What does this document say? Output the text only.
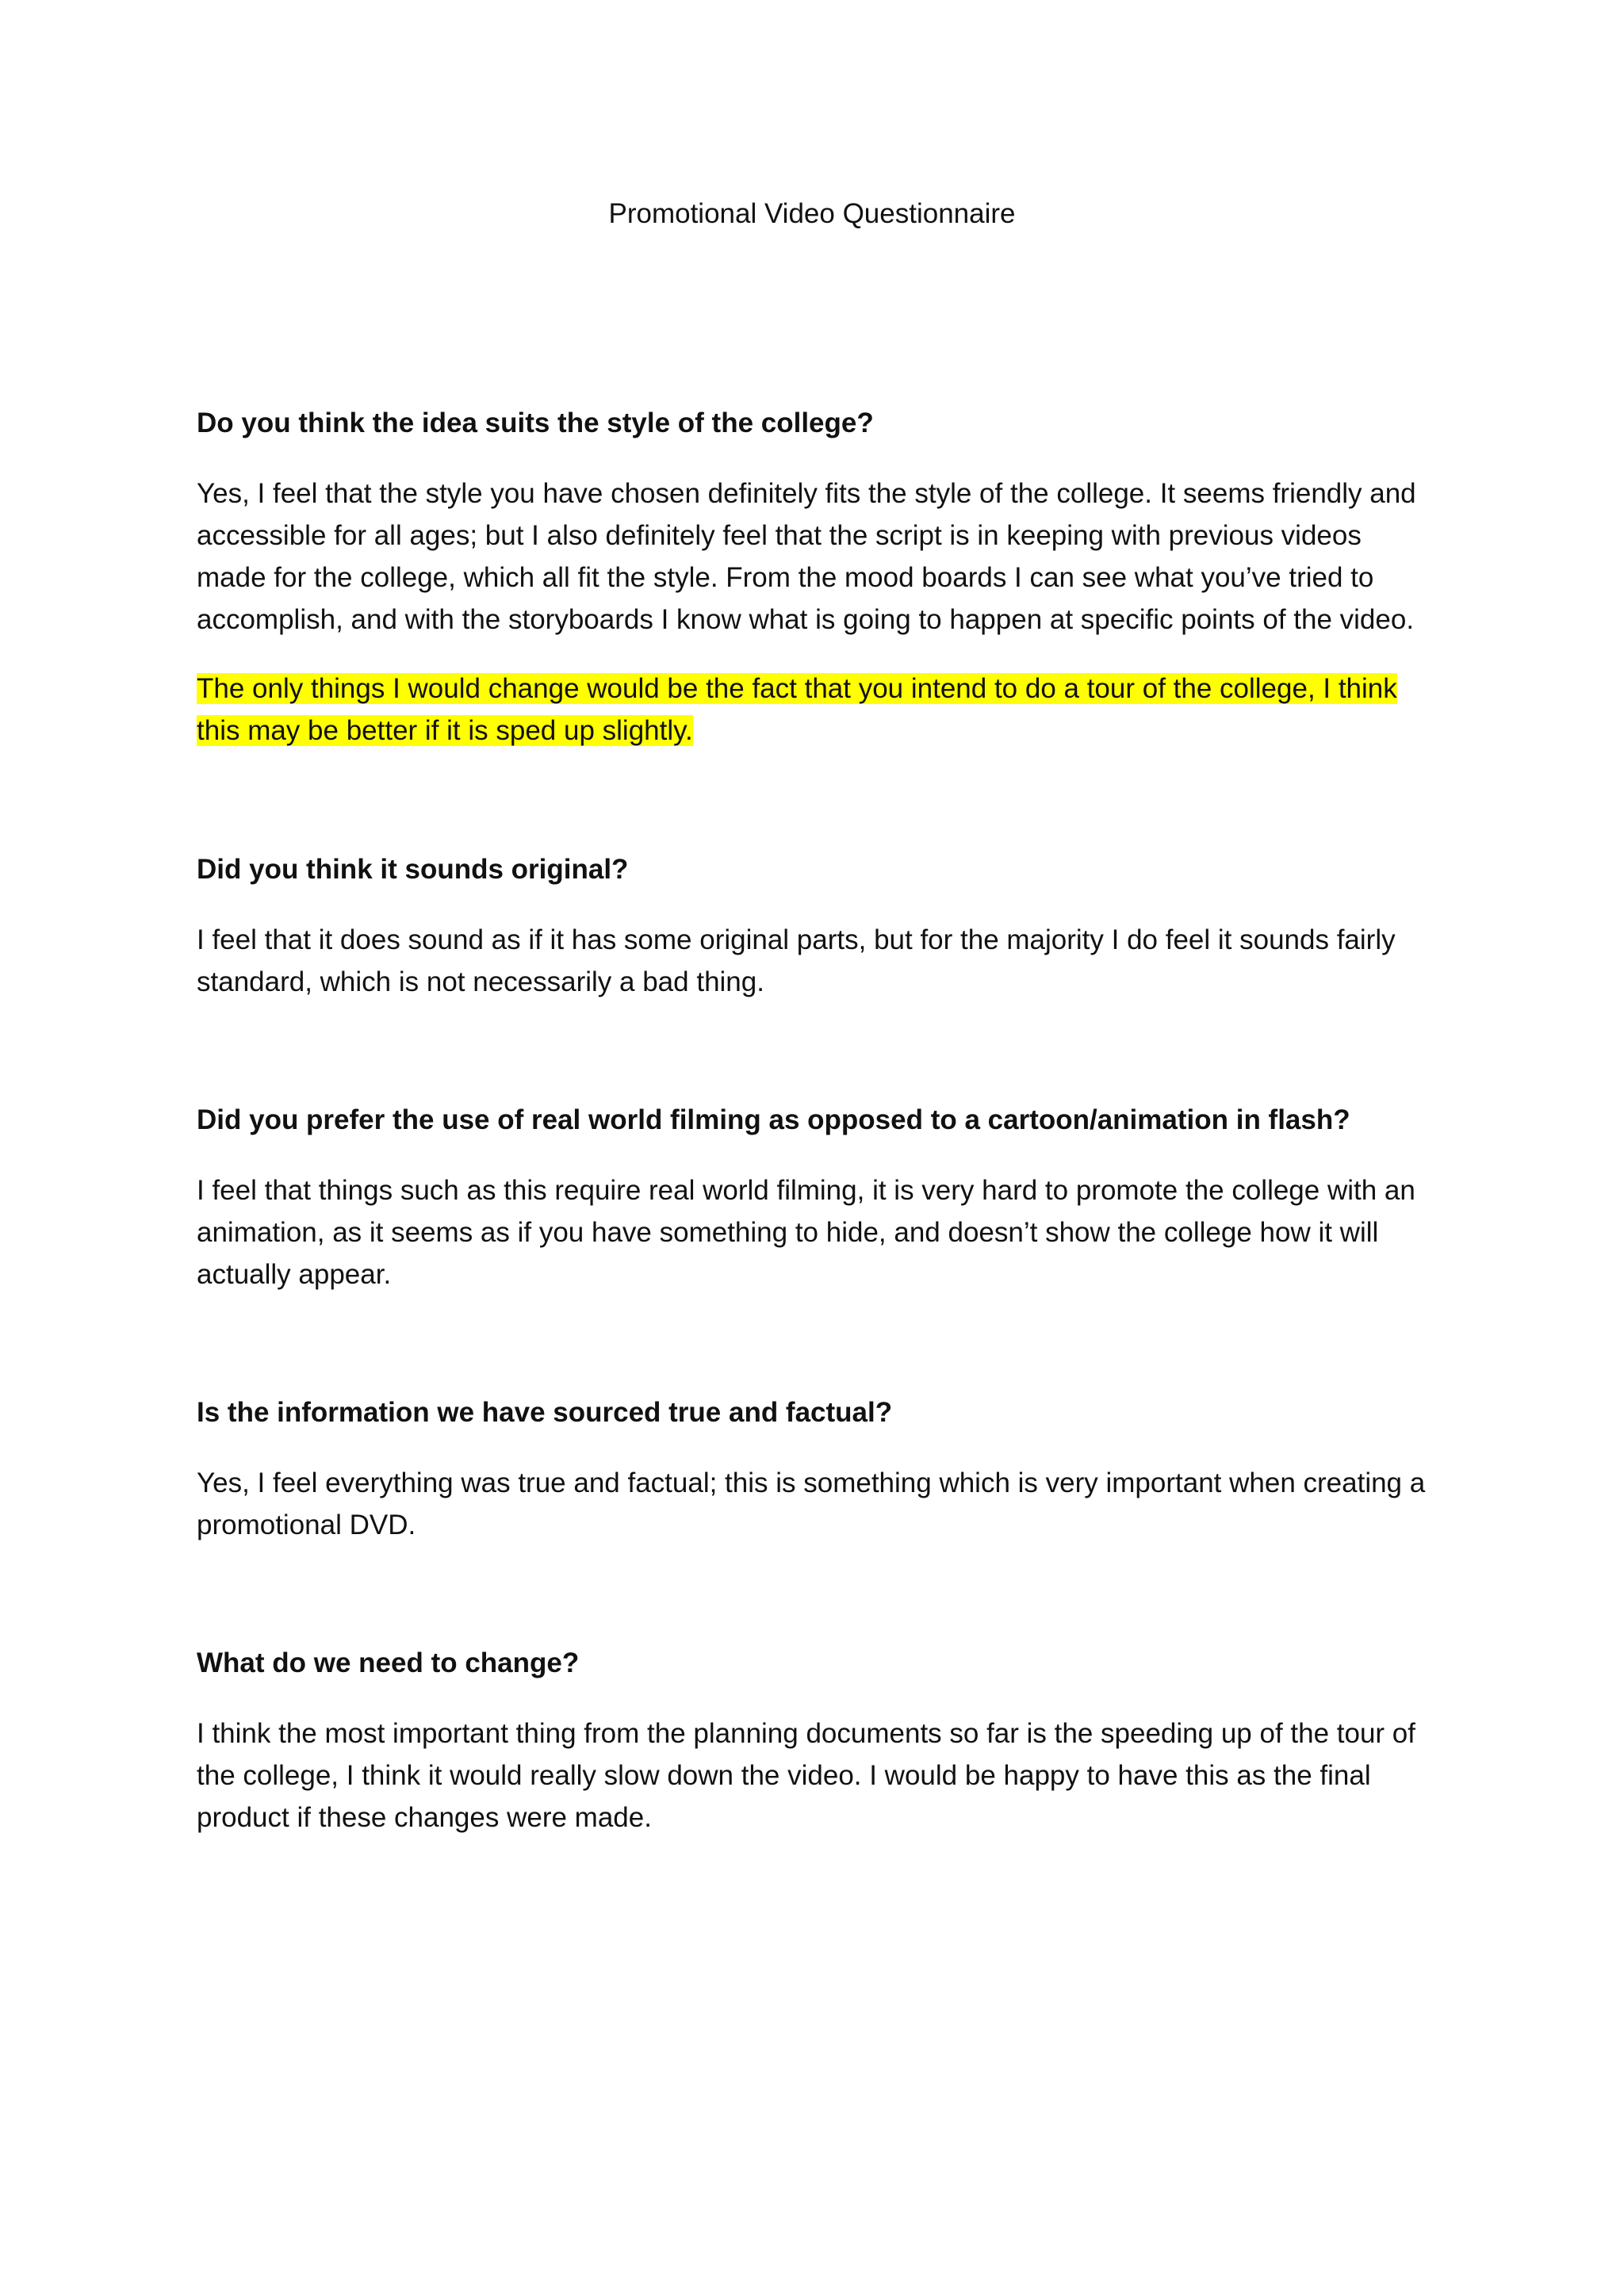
Promotional Video Questionnaire

Do you think the idea suits the style of the college?

Yes, I feel that the style you have chosen definitely fits the style of the college. It seems friendly and accessible for all ages; but I also definitely feel that the script is in keeping with previous videos made for the college, which all fit the style. From the mood boards I can see what you’ve tried to accomplish, and with the storyboards I know what is going to happen at specific points of the video.

The only things I would change would be the fact that you intend to do a tour of the college, I think this may be better if it is sped up slightly.

Did you think it sounds original?

I feel that it does sound as if it has some original parts, but for the majority I do feel it sounds fairly standard, which is not necessarily a bad thing.

Did you prefer the use of real world filming as opposed to a cartoon/animation in flash?

I feel that things such as this require real world filming, it is very hard to promote the college with an animation, as it seems as if you have something to hide, and doesn’t show the college how it will actually appear.

Is the information we have sourced true and factual?

Yes, I feel everything was true and factual; this is something which is very important when creating a promotional DVD.

What do we need to change?

I think the most important thing from the planning documents so far is the speeding up of the tour of the college, I think it would really slow down the video. I would be happy to have this as the final product if these changes were made.
